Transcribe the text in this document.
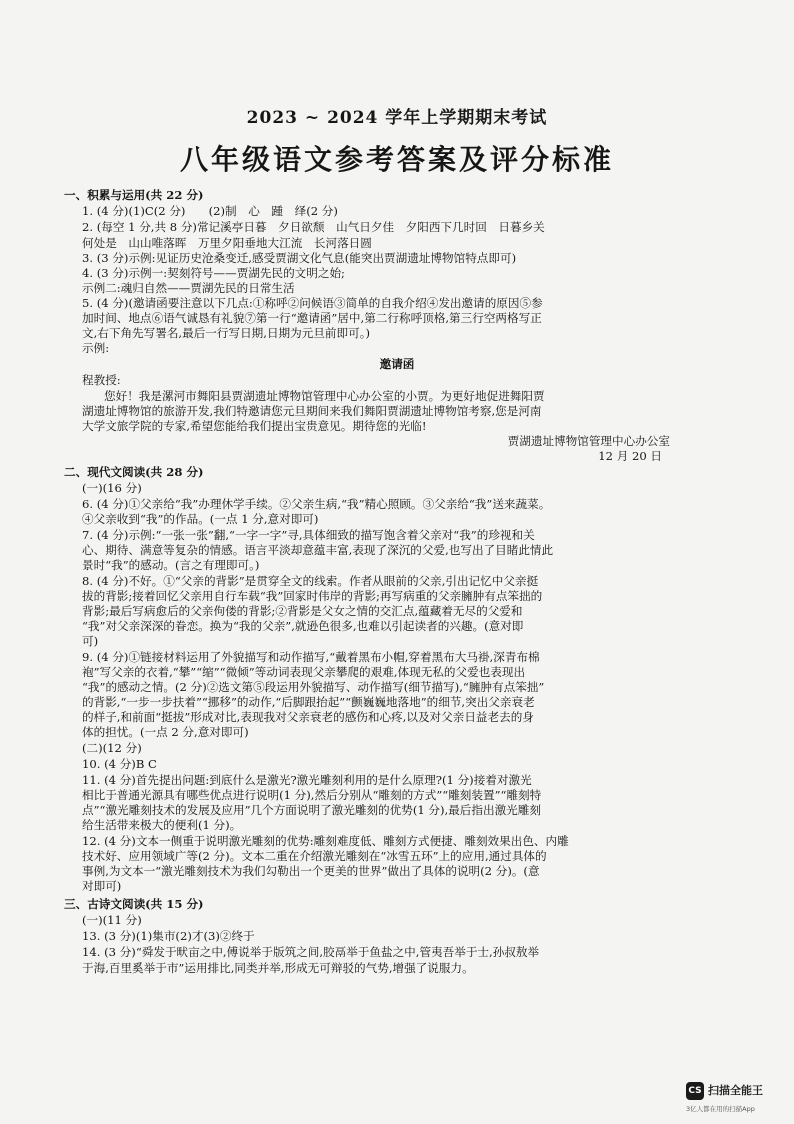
2023 ~ 2024 学年上学期期末考试
八年级语文参考答案及评分标准
一、积累与运用(共 22 分)
1. (4 分)(1)C(2 分)　　(2)制　心　踵　绎(2 分)
2. (每空 1 分,共 8 分)常记溪亭日暮　夕日欲颓　山气日夕佳　夕阳西下几时回　日暮乡关
何处是　山山唯落晖　万里夕阳垂地大江流　长河落日圆
3. (3 分)示例:见证历史沧桑变迁,感受贾湖文化气息(能突出贾湖遗址博物馆特点即可)
4. (3 分)示例一:契刻符号——贾湖先民的文明之始;
示例二:魂归自然——贾湖先民的日常生活
5. (4 分)(邀请函要注意以下几点:①称呼②问候语③简单的自我介绍④发出邀请的原因⑤参
加时间、地点⑥语气诚恳有礼貌⑦第一行“邀请函”居中,第二行称呼顶格,第三行空两格写正
文,右下角先写署名,最后一行写日期,日期为元旦前即可。)
示例:
邀请函
程教授:
您好！我是漯河市舞阳县贾湖遗址博物馆管理中心办公室的小贾。为更好地促进舞阳贾
湖遗址博物馆的旅游开发,我们特邀请您元旦期间来我们舞阳贾湖遗址博物馆考察,您是河南
大学文旅学院的专家,希望您能给我们提出宝贵意见。期待您的光临!
贾湖遗址博物馆管理中心办公室
12 月 20 日
二、现代文阅读(共 28 分)
(一)(16 分)
6. (4 分)①父亲给“我”办理休学手续。②父亲生病,“我”精心照顾。③父亲给“我”送来蔬菜。
④父亲收到“我”的作品。(一点 1 分,意对即可)
7. (4 分)示例:“一张一张”翻,“一字一字”寻,具体细致的描写饱含着父亲对“我”的珍视和关
心、期待、满意等复杂的情感。语言平淡却意蕴丰富,表现了深沉的父爱,也写出了目睹此情此
景时“我”的感动。(言之有理即可。)
8. (4 分)不好。①“父亲的背影”是贯穿全文的线索。作者从眼前的父亲,引出记忆中父亲挺
拔的背影;接着回忆父亲用自行车载“我”回家时伟岸的背影;再写病重的父亲臃肿有点笨拙的
背影;最后写病愈后的父亲佝偻的背影;②背影是父女之情的交汇点,蕴藏着无尽的父爱和
“我”对父亲深深的眷恋。换为“我的父亲”,就逊色很多,也难以引起读者的兴趣。(意对即
可)
9. (4 分)①链接材料运用了外貌描写和动作描写,“戴着黑布小帽,穿着黑布大马褂,深青布棉
袍”写父亲的衣着,“攀”“缩”“微倾”等动词表现父亲攀爬的艰难,体现无私的父爱也表现出
“我”的感动之情。(2 分)②选文第⑤段运用外貌描写、动作描写(细节描写),“臃肿有点笨拙”
的背影,“一步一步扶着”“挪移”的动作,“后脚跟抬起”“颤巍巍地落地”的细节,突出父亲衰老
的样子,和前面“挺拔”形成对比,表现我对父亲衰老的感伤和心疼,以及对父亲日益老去的身
体的担忧。(一点 2 分,意对即可)
(二)(12 分)
10. (4 分)B C
11. (4 分)首先提出问题:到底什么是激光?激光雕刻利用的是什么原理?(1 分)接着对激光
相比于普通光源具有哪些优点进行说明(1 分),然后分别从“雕刻的方式”“雕刻装置”“雕刻特
点”“激光雕刻技术的发展及应用”几个方面说明了激光雕刻的优势(1 分),最后指出激光雕刻
给生活带来极大的便利(1 分)。
12. (4 分)文本一侧重于说明激光雕刻的优势:雕刻难度低、雕刻方式便捷、雕刻效果出色、内雕
技术好、应用领域广等(2 分)。文本二重在介绍激光雕刻在“冰雪五环”上的应用,通过具体的
事例,为文本一“激光雕刻技术为我们勾勒出一个更美的世界”做出了具体的说明(2 分)。(意
对即可)
三、古诗文阅读(共 15 分)
(一)(11 分)
13. (3 分)(1)集市(2)才(3)②终于
14. (3 分)“舜发于畎亩之中,傅说举于版筑之间,胶鬲举于鱼盐之中,管夷吾举于士,孙叔敖举
于海,百里奚举于市”运用排比,同类并举,形成无可辩驳的气势,增强了说服力。
CS 扫描全能王
3亿人都在用的扫描App
